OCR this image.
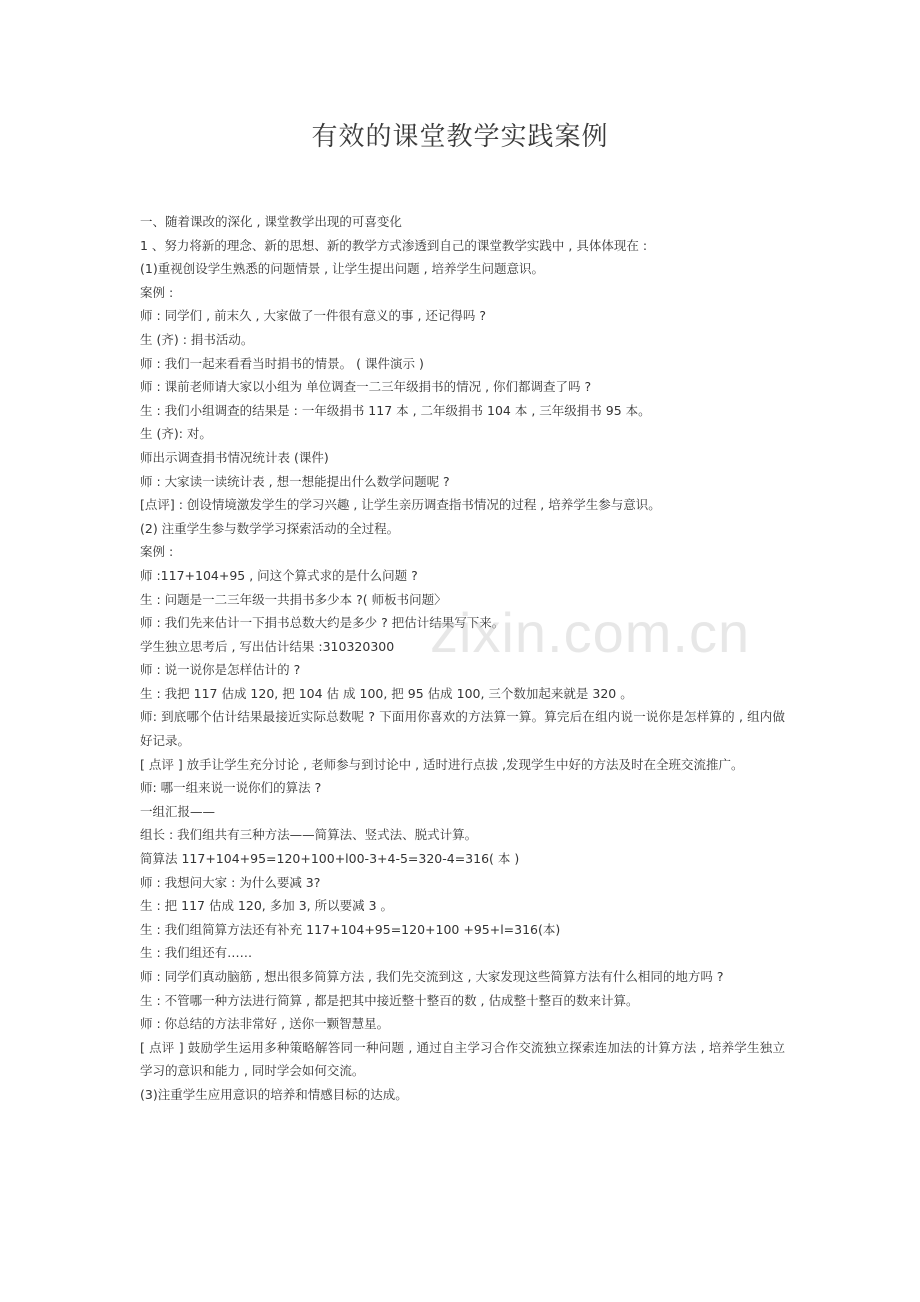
有效的课堂教学实践案例

一、随着课改的深化 , 课堂教学出现的可喜变化

1 、努力将新的理念、新的思想、新的教学方式渗透到自己的课堂教学实践中 , 具体体现在 :

(1)重视创设学生熟悉的问题情景 , 让学生提出问题 , 培养学生问题意识。

案例 :

师 : 同学们 , 前末久 , 大家做了一件很有意义的事 , 还记得吗 ?

生 (齐) : 捐书活动。

师 : 我们一起来看看当时捐书的情景。 ( 课件演示 )

师 : 课前老师请大家以小组为 单位调查一二三年级捐书的情况 , 你们都调查了吗 ?

生 : 我们小组调查的结果是 : 一年级捐书 117 本 , 二年级捐书 104 本 , 三年级捐书 95 本。

生 (齐): 对。

师出示调查捐书情况统计表 (课件)

师 : 大家读一读统计表 , 想一想能提出什么数学问题呢 ?

[点评] : 创设情境激发学生的学习兴趣 , 让学生亲历调查指书情况的过程 , 培养学生参与意识。

(2) 注重学生参与数学学习探索活动的全过程。

案例 :

师 :117+104+95 , 问这个算式求的是什么问题 ?

生 : 问题是一二三年级一共捐书多少本 ?( 师板书问题〉

师 : 我们先来估计一下捐书总数大约是多少 ? 把估计结果写下来。

学生独立思考后 , 写出估计结果 :310320300

师 : 说一说你是怎样估计的 ?

生 : 我把 117 估成 120, 把 104 估 成 100, 把 95 估成 100, 三个数加起来就是 320 。

师: 到底哪个估计结果最接近实际总数呢 ? 下面用你喜欢的方法算一算。算完后在组内说一说你是怎样算的 , 组内做好记录。

[ 点评 ] 放手让学生充分讨论 , 老师参与到讨论中 , 适时进行点拔 ,发现学生中好的方法及时在全班交流推广。

师: 哪一组来说一说你们的算法 ?

一组汇报——

组长 : 我们组共有三种方法——简算法、竖式法、脱式计算。

简算法 117+104+95=120+100+l00-3+4-5=320-4=316( 本 )

师 : 我想问大家 : 为什么要减 3?

生 : 把 117 估成 120, 多加 3, 所以要减 3 。

生 : 我们组简算方法还有补充 117+104+95=120+100 +95+l=316(本)

生 : 我们组还有……

师 : 同学们真动脑筋 , 想出很多简算方法 , 我们先交流到这 , 大家发现这些简算方法有什么相同的地方吗 ?

生 : 不管哪一种方法进行简算 , 都是把其中接近整十整百的数 , 估成整十整百的数来计算。

师 : 你总结的方法非常好 , 送你一颗智慧星。

[ 点评 ] 鼓励学生运用多种策略解答同一种问题 , 通过自主学习合作交流独立探索连加法的计算方法 , 培养学生独立学习的意识和能力 , 同时学会如何交流。

(3)注重学生应用意识的培养和情感目标的达成。

zixin.com.cn
